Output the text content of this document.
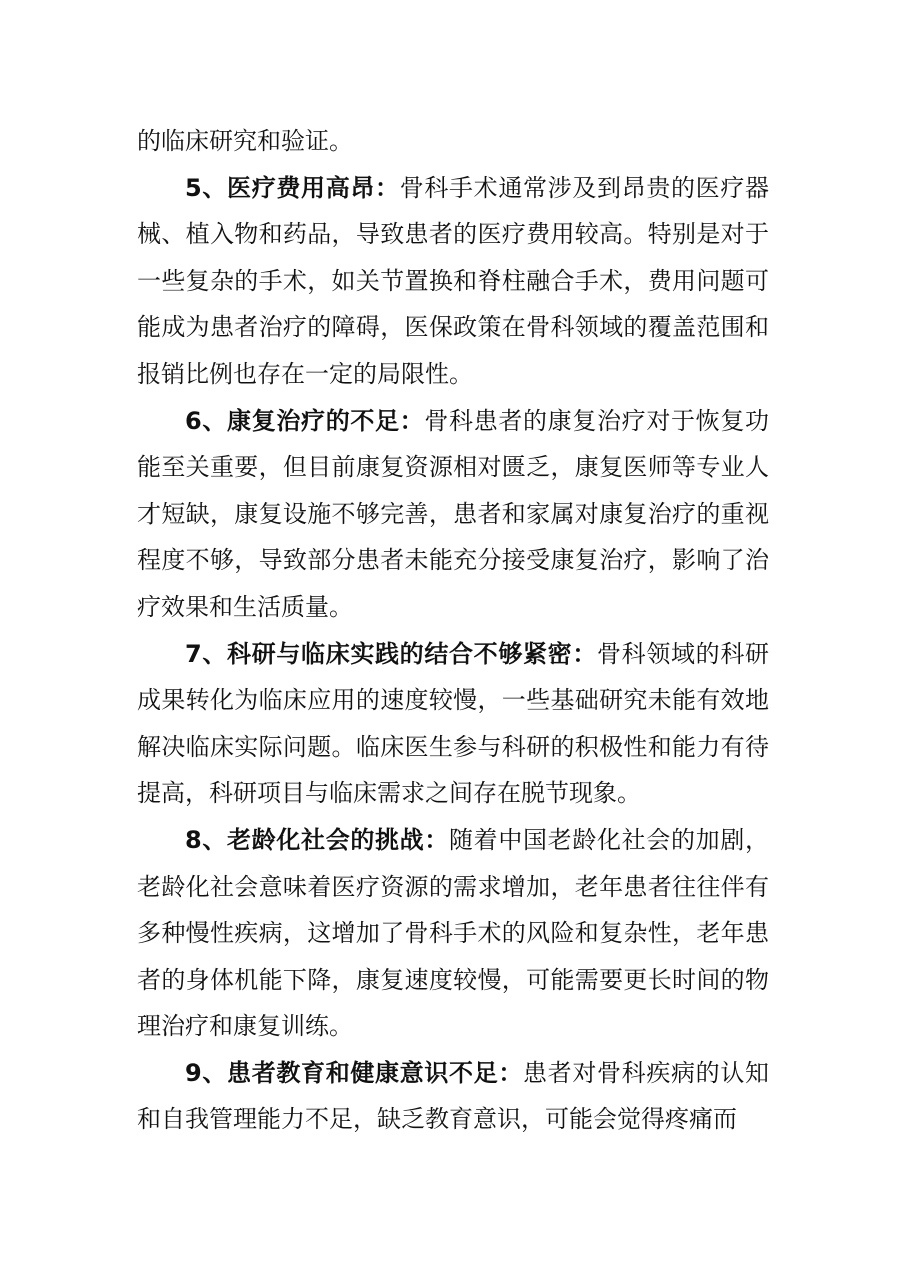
的临床研究和验证。

5、医疗费用高昂：骨科手术通常涉及到昂贵的医疗器械、植入物和药品，导致患者的医疗费用较高。特别是对于一些复杂的手术，如关节置换和脊柱融合手术，费用问题可能成为患者治疗的障碍，医保政策在骨科领域的覆盖范围和报销比例也存在一定的局限性。

6、康复治疗的不足：骨科患者的康复治疗对于恢复功能至关重要，但目前康复资源相对匮乏，康复医师等专业人才短缺，康复设施不够完善，患者和家属对康复治疗的重视程度不够，导致部分患者未能充分接受康复治疗，影响了治疗效果和生活质量。

7、科研与临床实践的结合不够紧密：骨科领域的科研成果转化为临床应用的速度较慢，一些基础研究未能有效地解决临床实际问题。临床医生参与科研的积极性和能力有待提高，科研项目与临床需求之间存在脱节现象。

8、老龄化社会的挑战：随着中国老龄化社会的加剧，老龄化社会意味着医疗资源的需求增加，老年患者往往伴有多种慢性疾病，这增加了骨科手术的风险和复杂性，老年患者的身体机能下降，康复速度较慢，可能需要更长时间的物理治疗和康复训练。

9、患者教育和健康意识不足：患者对骨科疾病的认知和自我管理能力不足，缺乏教育意识，可能会觉得疼痛而
